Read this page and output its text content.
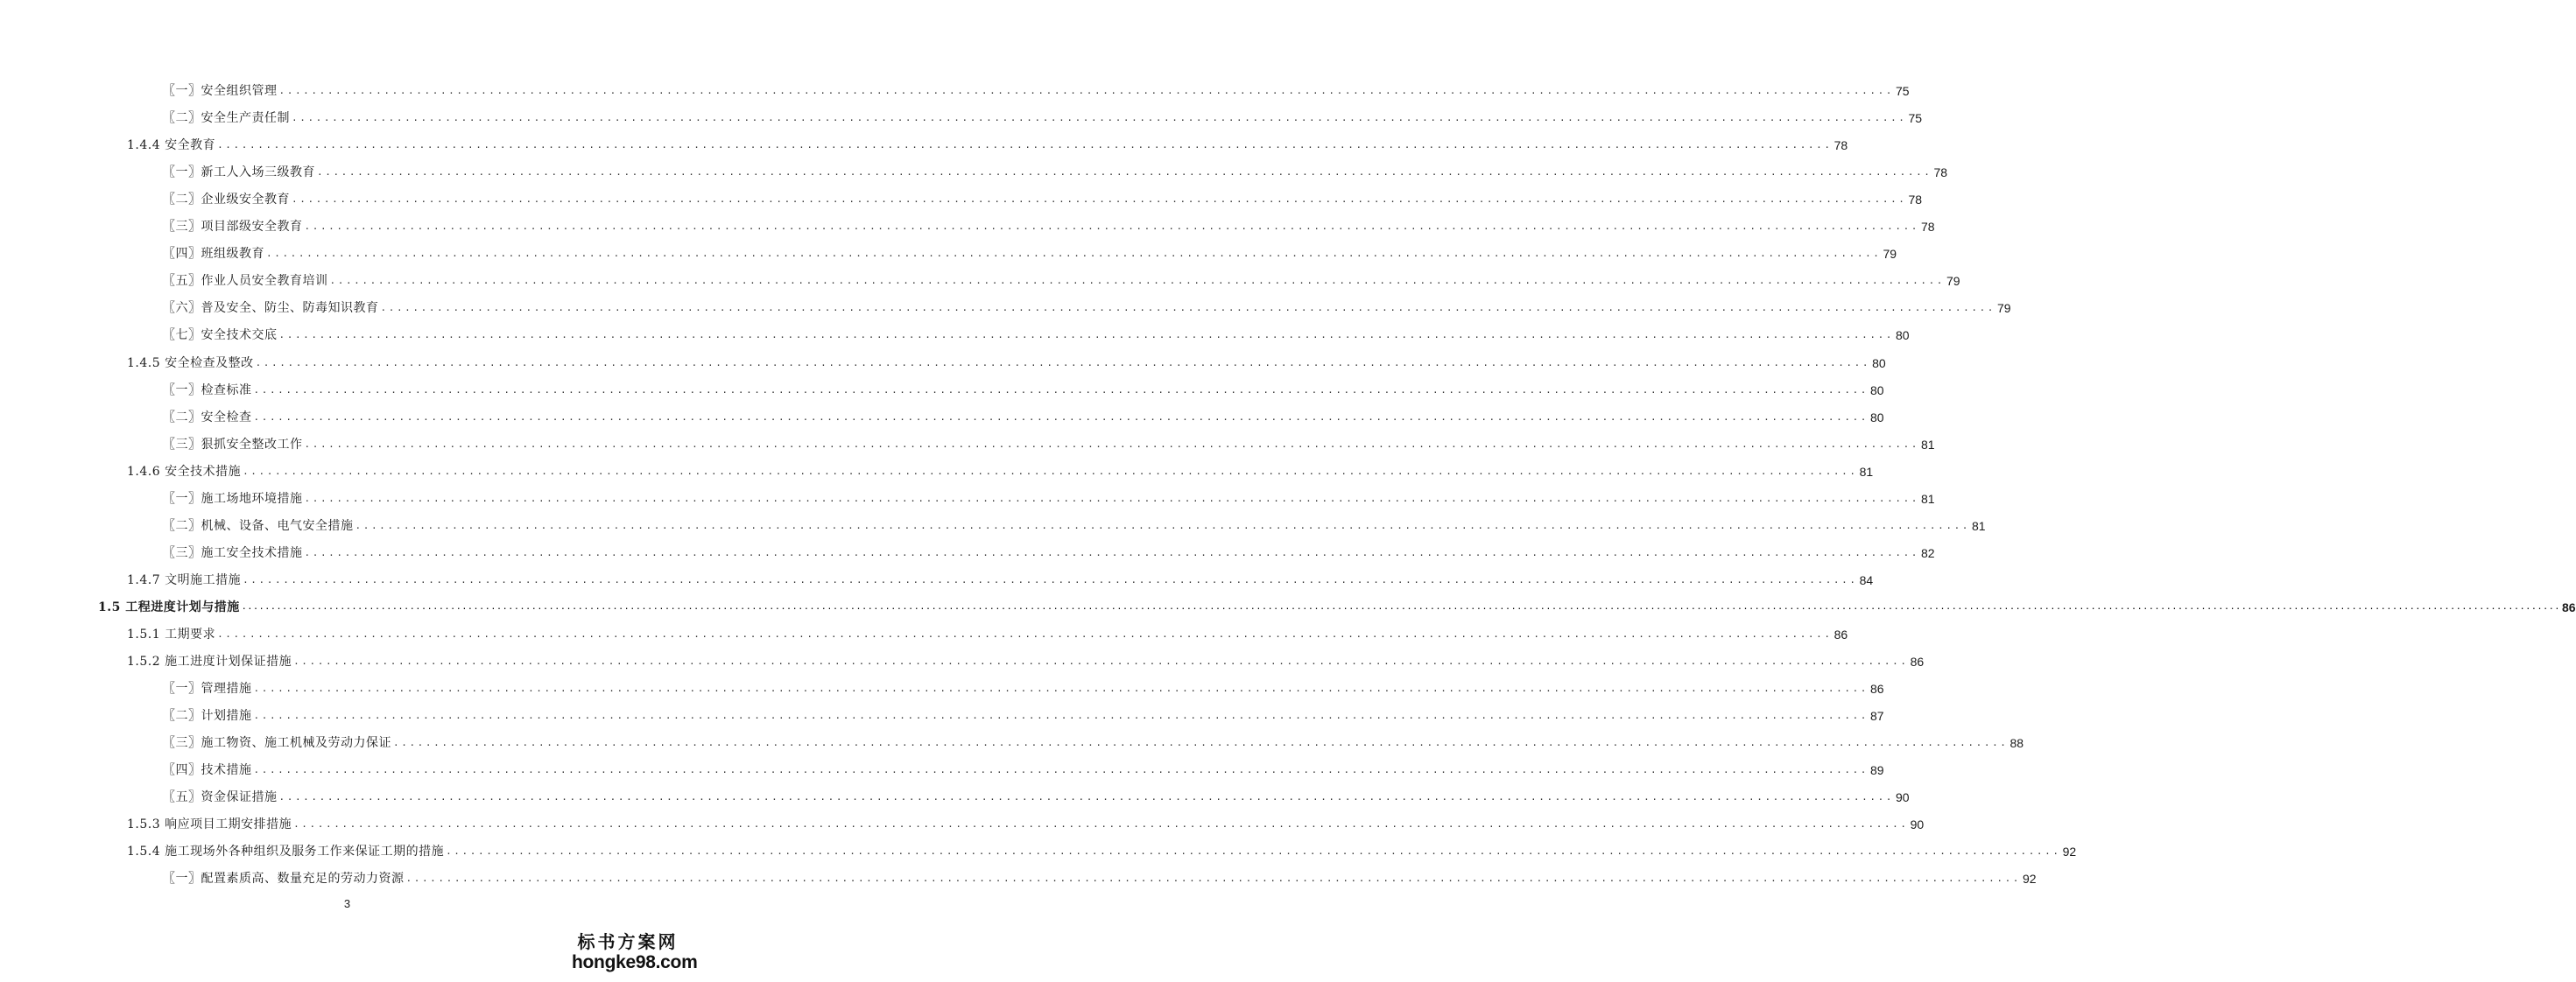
〖一〗安全组织管理 ........................................................................................................................................................................................................ 75
〖二〗安全生产责任制 ........................................................................................................................................................................................................ 75
1.4.4 安全教育 ........................................................................................................................................................................................................ 78
〖一〗新工人入场三级教育 ........................................................................................................................................................................................................ 78
〖二〗企业级安全教育 ........................................................................................................................................................................................................ 78
〖三〗项目部级安全教育 ........................................................................................................................................................................................................ 78
〖四〗班组级教育 ........................................................................................................................................................................................................ 79
〖五〗作业人员安全教育培训 ........................................................................................................................................................................................................ 79
〖六〗普及安全、防尘、防毒知识教育 ........................................................................................................................................................................................................ 79
〖七〗安全技术交底 ........................................................................................................................................................................................................ 80
1.4.5 安全检查及整改 ........................................................................................................................................................................................................ 80
〖一〗检查标准 ........................................................................................................................................................................................................ 80
〖二〗安全检查 ........................................................................................................................................................................................................ 80
〖三〗狠抓安全整改工作 ........................................................................................................................................................................................................ 81
1.4.6 安全技术措施 ........................................................................................................................................................................................................ 81
〖一〗施工场地环境措施 ........................................................................................................................................................................................................ 81
〖二〗机械、设备、电气安全措施 ........................................................................................................................................................................................................ 81
〖三〗施工安全技术措施 ........................................................................................................................................................................................................ 82
1.4.7 文明施工措施 ........................................................................................................................................................................................................ 84
1.5 工程进度计划与措施 ................................................................................................................................................................................................................................................................................................................................................................................................................ 86
1.5.1 工期要求 ........................................................................................................................................................................................................ 86
1.5.2 施工进度计划保证措施 ........................................................................................................................................................................................................ 86
〖一〗管理措施 ........................................................................................................................................................................................................ 86
〖二〗计划措施 ........................................................................................................................................................................................................ 87
〖三〗施工物资、施工机械及劳动力保证 ........................................................................................................................................................................................................ 88
〖四〗技术措施 ........................................................................................................................................................................................................ 89
〖五〗资金保证措施 ........................................................................................................................................................................................................ 90
1.5.3 响应项目工期安排措施 ........................................................................................................................................................................................................ 90
1.5.4 施工现场外各种组织及服务工作来保证工期的措施 ........................................................................................................................................................................................................ 92
〖一〗配置素质高、数量充足的劳动力资源 ........................................................................................................................................................................................................ 92
3
标书方案网
hongke98.com
